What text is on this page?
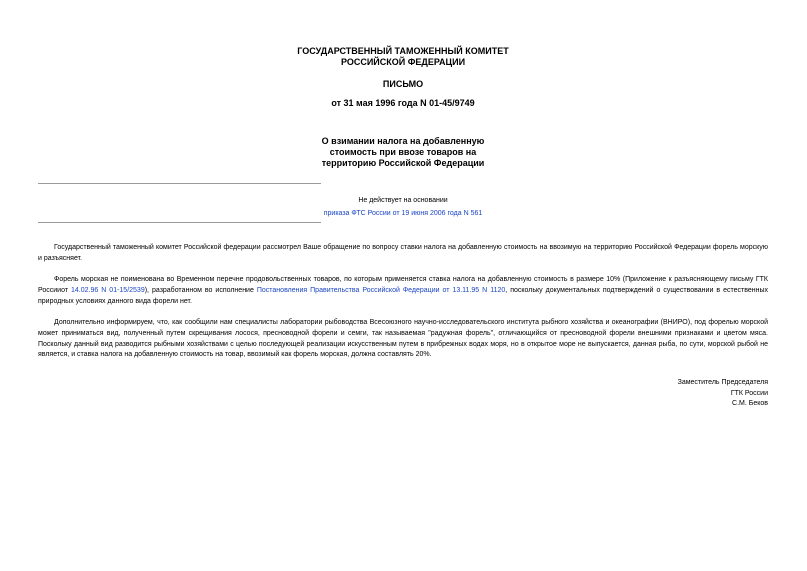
ГОСУДАРСТВЕННЫЙ ТАМОЖЕННЫЙ КОМИТЕТ
РОССИЙСКОЙ ФЕДЕРАЦИИ
ПИСЬМО
от 31 мая 1996 года N 01-45/9749
О взимании налога на добавленную
стоимость при ввозе товаров на
территорию Российской Федерации
Не действует на основании
приказа ФТС России от 19 июня 2006 года N 561

Государственный таможенный комитет Российской федерации рассмотрел Ваше обращение по вопросу ставки налога на добавленную стоимость на ввозимую на территорию Российской Федерации форель морскую и разъясняет.

Форель морская не поименована во Временном перечне продовольственных товаров, по которым применяется ставка налога на добавленную стоимость в размере 10% (Приложение к разъясняющему письму ГТК Россииот 14.02.96 N 01-15/2539), разработанном во исполнение Постановления Правительства Российской Федерации от 13.11.95 N 1120, поскольку документальных подтверждений о существовании в естественных природных условиях данного вида форели нет.

Дополнительно информируем, что, как сообщили нам специалисты лаборатории рыбоводства Всесоюзного научно-исследовательского института рыбного хозяйства и океанографии (ВНИРО), под форелью морской может приниматься вид, полученный путем скрещивания лосося, пресноводной форели и семги, так называемая "радужная форель", отличающийся от пресноводной форели внешними признаками и цветом мяса. Поскольку данный вид разводится рыбными хозяйствами с целью последующей реализации искусственным путем в прибрежных водах моря, но в открытое море не выпускается, данная рыба, по сути, морской рыбой не является, и ставка налога на добавленную стоимость на товар, ввозимый как форель морская, должна составлять 20%.

Заместитель Председателя
ГТК России
С.М. Беков
